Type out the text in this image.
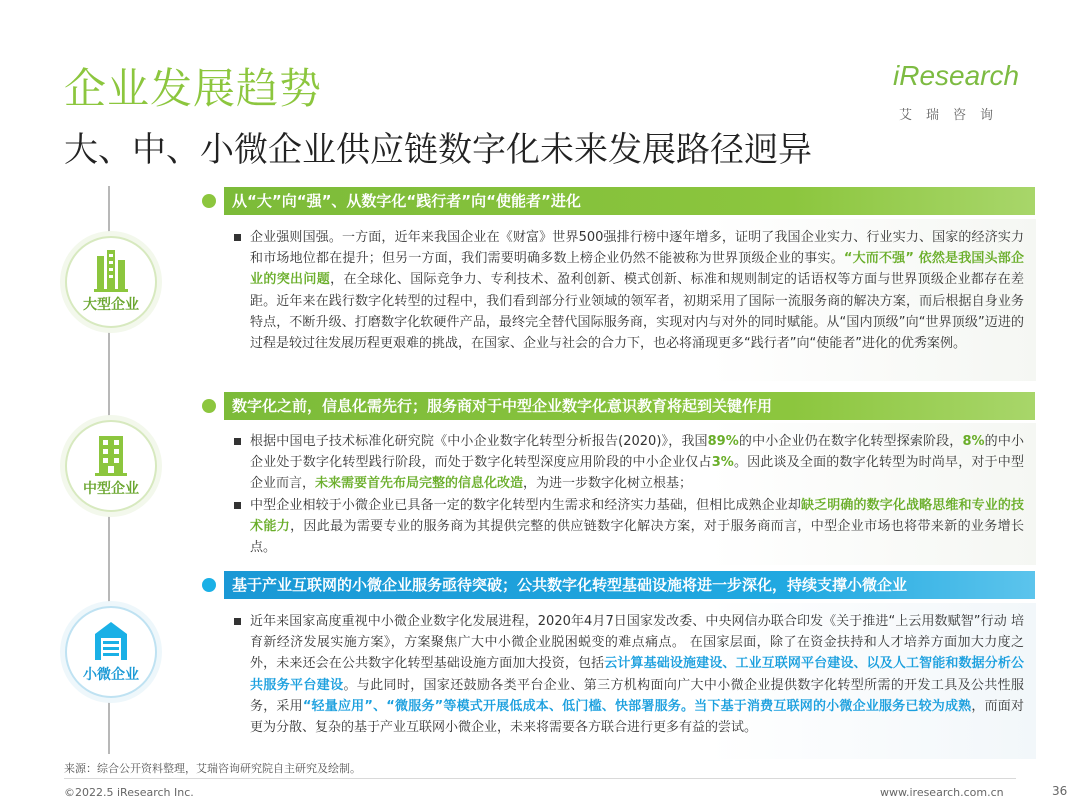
企业发展趋势
大、中、小微企业供应链数字化未来发展路径迥异
iResearch
艾瑞咨询
大型企业
从“大”向“强”、从数字化“践行者”向“使能者”进化
企业强则国强。一方面，近年来我国企业在《财富》世界500强排行榜中逐年增多，证明了我国企业实力、行业实力、国家的经济实力和市场地位都在提升；但另一方面，我们需要明确多数上榜企业仍然不能被称为世界顶级企业的事实。“大而不强” 依然是我国头部企业的突出问题，在全球化、国际竞争力、专利技术、盈利创新、模式创新、标准和规则制定的话语权等方面与世界顶级企业都存在差距。近年来在践行数字化转型的过程中，我们看到部分行业领域的领军者，初期采用了国际一流服务商的解决方案，而后根据自身业务特点，不断升级、打磨数字化软硬件产品，最终完全替代国际服务商，实现对内与对外的同时赋能。从“国内顶级”向“世界顶级”迈进的过程是较过往发展历程更艰难的挑战，在国家、企业与社会的合力下，也必将涌现更多“践行者”向“使能者”进化的优秀案例。
中型企业
数字化之前，信息化需先行；服务商对于中型企业数字化意识教育将起到关键作用
根据中国电子技术标准化研究院《中小企业数字化转型分析报告(2020)》，我国89%的中小企业仍在数字化转型探索阶段，8%的中小企业处于数字化转型践行阶段，而处于数字化转型深度应用阶段的中小企业仅占3%。因此谈及全面的数字化转型为时尚早，对于中型企业而言，未来需要首先布局完整的信息化改造，为进一步数字化树立根基；
中型企业相较于小微企业已具备一定的数字化转型内生需求和经济实力基础，但相比成熟企业却缺乏明确的数字化战略思维和专业的技术能力，因此最为需要专业的服务商为其提供完整的供应链数字化解决方案，对于服务商而言，中型企业市场也将带来新的业务增长点。
小微企业
基于产业互联网的小微企业服务亟待突破；公共数字化转型基础设施将进一步深化，持续支撑小微企业
近年来国家高度重视中小微企业数字化发展进程，2020年4月7日国家发改委、中央网信办联合印发《关于推进“上云用数赋智”行动 培育新经济发展实施方案》，方案聚焦广大中小微企业脱困蜕变的难点痛点。 在国家层面，除了在资金扶持和人才培养方面加大力度之外，未来还会在公共数字化转型基础设施方面加大投资，包括云计算基础设施建设、工业互联网平台建设、以及人工智能和数据分析公共服务平台建设。与此同时，国家还鼓励各类平台企业、第三方机构面向广大中小微企业提供数字化转型所需的开发工具及公共性服务，采用“轻量应用”、“微服务”等模式开展低成本、低门槛、快部署服务。当下基于消费互联网的小微企业服务已较为成熟，而面对更为分散、复杂的基于产业互联网小微企业，未来将需要各方联合进行更多有益的尝试。
来源：综合公开资料整理，艾瑞咨询研究院自主研究及绘制。
©2022.5 iResearch Inc.	www.iresearch.com.cn	36
